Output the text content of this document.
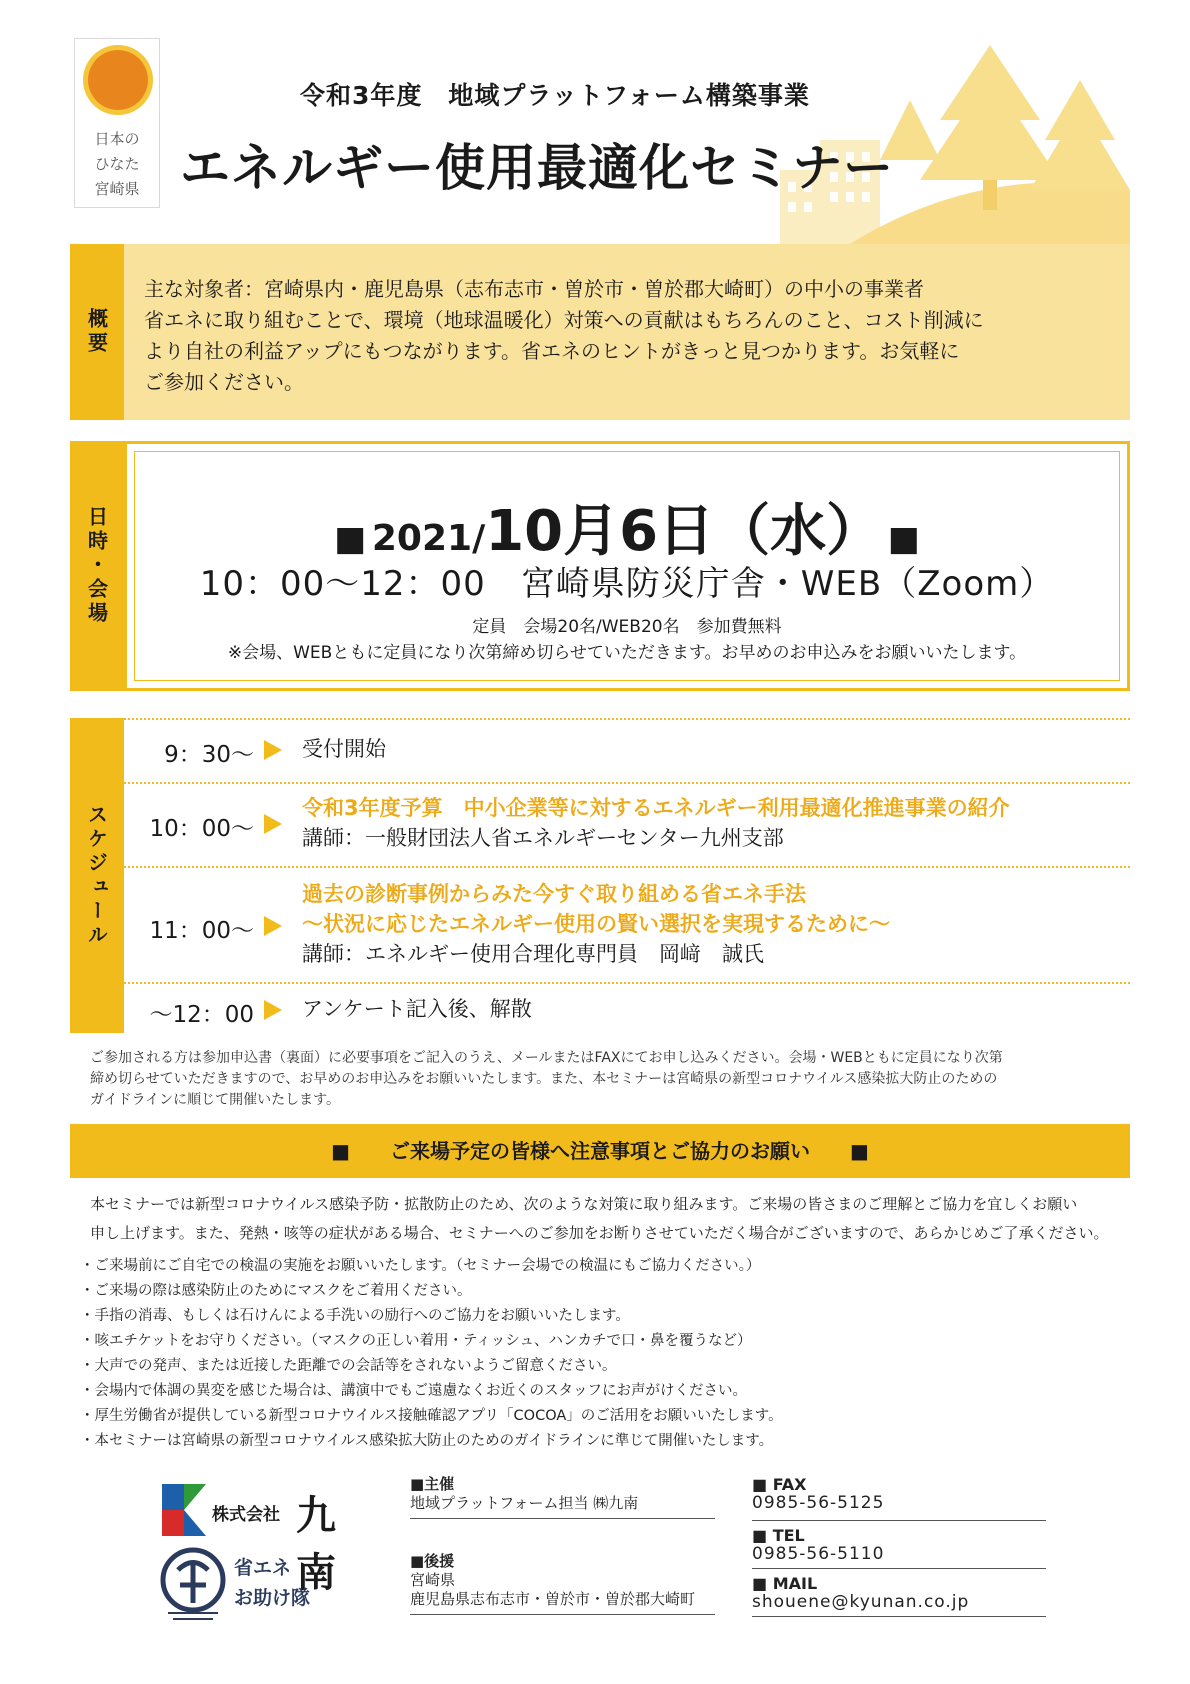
日本の
ひなた
宮崎県
令和3年度　地域プラットフォーム構築事業
エネルギー使用最適化セミナー
概要

主な対象者：宮崎県内・鹿児島県（志布志市・曽於市・曽於郡大崎町）の中小の事業者

省エネに取り組むことで、環境（地球温暖化）対策への貢献はもちろんのこと、コスト削減に

より自社の利益アップにもつながります。省エネのヒントがきっと見つかります。お気軽に

ご参加ください。

日時・会場	■ 2021/10月6日（水） ■
10：00〜12：00　宮崎県防災庁舎・WEB（Zoom）
定員　会場20名/WEB20名　参加費無料
※会場、WEBともに定員になり次第締め切らせていただきます。お早めのお申込みをお願いいたします。
スケジュール
9：30〜 受付開始
10：00〜
令和3年度予算　中小企業等に対するエネルギー利用最適化推進事業の紹介
講師：一般財団法人省エネルギーセンター九州支部
11：00〜
過去の診断事例からみた今すぐ取り組める省エネ手法
〜状況に応じたエネルギー使用の賢い選択を実現するために〜
講師：エネルギー使用合理化専門員　岡﨑　誠氏
〜12：00 アンケート記入後、解散
ご参加される方は参加申込書（裏面）に必要事項をご記入のうえ、メールまたはFAXにてお申し込みください。会場・WEBともに定員になり次第
締め切らせていただきますので、お早めのお申込みをお願いいたします。また、本セミナーは宮崎県の新型コロナウイルス感染拡大防止のための
ガイドラインに順じて開催いたします。
■　　ご来場予定の皆様へ注意事項とご協力のお願い　　■
本セミナーでは新型コロナウイルス感染予防・拡散防止のため、次のような対策に取り組みます。ご来場の皆さまのご理解とご協力を宜しくお願い
申し上げます。また、発熱・咳等の症状がある場合、セミナーへのご参加をお断りさせていただく場合がございますので、あらかじめご了承ください。
・ご来場前にご自宅での検温の実施をお願いいたします。（セミナー会場での検温にもご協力ください。）
・ご来場の際は感染防止のためにマスクをご着用ください。
・手指の消毒、もしくは石けんによる手洗いの励行へのご協力をお願いいたします。
・咳エチケットをお守りください。（マスクの正しい着用・ティッシュ、ハンカチで口・鼻を覆うなど）
・大声での発声、または近接した距離での会話等をされないようご留意ください。
・会場内で体調の異変を感じた場合は、講演中でもご遠慮なくお近くのスタッフにお声がけください。
・厚生労働省が提供している新型コロナウイルス接触確認アプリ「COCOA」のご活用をお願いいたします。
・本セミナーは宮崎県の新型コロナウイルス感染拡大防止のためのガイドラインに準じて開催いたします。
株式会社 九南
省エネ
お助け隊
■主催
地域プラットフォーム担当 ㈱九南
■後援
宮崎県
鹿児島県志布志市・曽於市・曽於郡大崎町
■ FAX
0985-56-5125
■ TEL
0985-56-5110
■ MAIL
shouene@kyunan.co.jp
